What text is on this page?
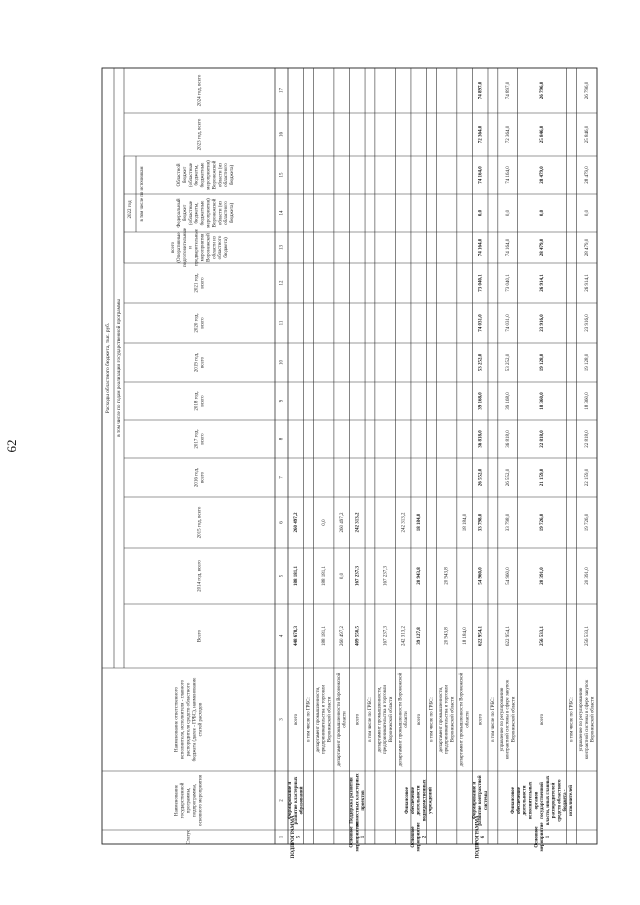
62
Расходы областного бюджета, тыс. руб. в том числе по годам реализации государственной программы
Статус
Наименованиегосударственнойпрограммы,подпрограммы,основного мероприятия
Наименование ответственногоисполнителя, исполнителя - главногораспорядителя средств областногобюджета (далее - ГРБС), наименованиестатей расходов
Всего
2014 год, всего
2015 год, всего
2016 год,всего
2017 год,всего
2018 год,всего
2019 год,всего
2020 год,всего
2021 год,всего
всего(ОперативныеподготовительныеипредварительныемероприятияВоронежскойобласти изобластногобюджета)
Федеральныйбюджет(областныебюджеты,бюджетныемероприятия)Воронежскойобласти (изобластногобюджета)
Областнойбюджет(областныебюджеты,бюджетныемероприятия)Воронежскойобласти (изобластногобюджета)
2023 год, всего
2024 год, всего
2022 год в том числе по источникам
1
2
3
4
5
6
7
8
9
10
11
12
13
14
15
16
17
ПОДПРОГРАММА5
Формирование иразвитие кластерныхобразований
всего
448 678,3
188 181,1
260 497,2
в том числе по ГРБС: департамент промышленности,предпринимательства и торговлиВоронежской области
188 181,1
188 181,1
0,0
департамент промышленности Воронежскойобласти
260 497,2
0,0
260 497,2
Основноемероприятие1
Поддержка развитиясовместных кластерныхпроектов
всего
409 550,5
167 237,3
242 313,2
в том числе по ГРБС: департамент промышленности,предпринимательства и торговлиВоронежской области
167 237,3
167 237,3
департамент промышленности Воронежскойобласти
242 313,2
242 313,2
Основноемероприятие2
Финансовоеобеспечениедеятельностиподведомственныхучреждений
всего
39 127,8
20 943,8
18 184,0
в том числе по ГРБС: департамент промышленности,предпринимательства и торговлиВоронежской области
20 943,8
20 943,8
департамент промышленности Воронежскойобласти
18 184,0
18 184,0
ПОДПРОГРАММА6
Формирование иразвитие контрактнойсистемы
всего
622 954,1
54 960,0
33 798,0
26 552,0
36 818,0
39 168,0
53 252,0
74 031,0
73 040,1
74 164,0
0,0
74 164,0
72 364,0
74 897,0
в том числе по ГРБС: управление по регулированиюконтрактной системы в сфере закупокВоронежской области
622 954,1
54 960,0
33 798,0
26 552,0
36 818,0
39 168,0
53 252,0
74 031,0
73 040,1
74 164,0
0,0
74 164,0
72 364,0
74 897,0
Основноемероприятие1
Финансовоеобеспечениедеятельностиисполнительныхоргановгосударственнойвласти, иных главныхраспорядителейсредств областногобюджета -исполнителей
всего
256 533,1
20 391,0
19 726,0
21 159,0
22 818,0
18 360,0
19 128,0
23 916,0
26 914,1
28 479,0
0,0
28 479,0
25 846,0
26 796,0
в том числе по ГРБС: управление по регулированиюконтрактной системы в сфере закупокВоронежской области
256 533,1
20 391,0
19 726,0
22 159,0
22 818,0
18 360,0
19 128,0
23 916,0
26 914,1
28 479,0
0,0
28 479,0
25 846,0
26 796,0
